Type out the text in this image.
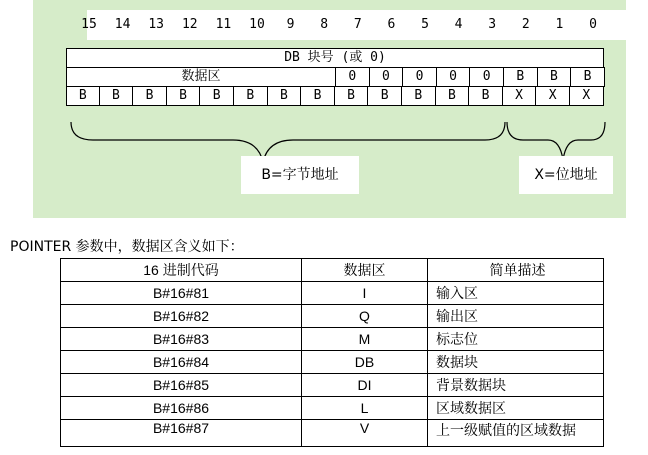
15	14	13	12	11	10	9	8	7	6	5	4	3	2	1	0
DB 块号 (或 0)
数据区	0	0	0	0	0	B	B	B
B	B	B	B	B	B	B	B	B	B	B	B	B	X	X	X
B=字节地址	X=位地址
POINTER 参数中，数据区含义如下：
16 进制代码	数据区	简单描述
B#16#81	I	输入区
B#16#82	Q	输出区
B#16#83	M	标志位
B#16#84	DB	数据块
B#16#85	DI	背景数据块
B#16#86	L	区域数据区
B#16#87	V	上一级赋值的区域数据
